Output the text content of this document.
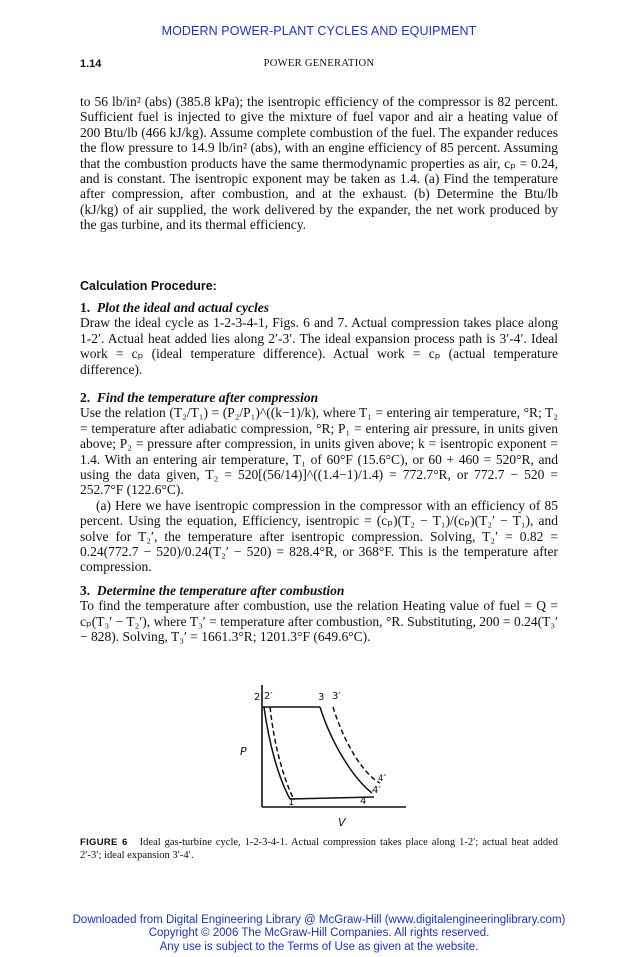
MODERN POWER-PLANT CYCLES AND EQUIPMENT
1.14	POWER GENERATION

to 56 lb/in² (abs) (385.8 kPa); the isentropic efficiency of the compressor is 82 percent. Sufficient fuel is injected to give the mixture of fuel vapor and air a heating value of 200 Btu/lb (466 kJ/kg). Assume complete combustion of the fuel. The expander reduces the flow pressure to 14.9 lb/in² (abs), with an engine efficiency of 85 percent. Assuming that the combustion products have the same thermodynamic properties as air, cₚ = 0.24, and is constant. The isentropic exponent may be taken as 1.4. (a) Find the temperature after compression, after combustion, and at the exhaust. (b) Determine the Btu/lb (kJ/kg) of air supplied, the work delivered by the expander, the net work produced by the gas turbine, and its thermal efficiency.

Calculation Procedure:
1. Plot the ideal and actual cycles

Draw the ideal cycle as 1-2-3-4-1, Figs. 6 and 7. Actual compression takes place along 1-2′. Actual heat added lies along 2′-3′. The ideal expansion process path is 3′-4′. Ideal work = cₚ (ideal temperature difference). Actual work = cₚ (actual temperature difference).

2. Find the temperature after compression

Use the relation (T₂/T₁) = (P₂/P₁)^((k−1)/k), where T₁ = entering air temperature, °R; T₂ = temperature after adiabatic compression, °R; P₁ = entering air pressure, in units given above; P₂ = pressure after compression, in units given above; k = isentropic exponent = 1.4. With an entering air temperature, T₁ of 60°F (15.6°C), or 60 + 460 = 520°R, and using the data given, T₂ = 520[(56/14)]^((1.4−1)/1.4) = 772.7°R, or 772.7 − 520 = 252.7°F (122.6°C).

(a) Here we have isentropic compression in the compressor with an efficiency of 85 percent. Using the equation, Efficiency, isentropic = (cₚ)(T₂ − T₁)/(cₚ)(T₂′ − T₁), and solve for T₂′, the temperature after isentropic compression. Solving, T₂′ = 0.82 = 0.24(772.7 − 520)/0.24(T₂′ − 520) = 828.4°R, or 368°F. This is the temperature after compression.

3. Determine the temperature after combustion

To find the temperature after combustion, use the relation Heating value of fuel = Q = cₚ(T₃′ − T₂′), where T₃′ = temperature after combustion, °R. Substituting, 200 = 0.24(T₃′ − 828). Solving, T₃′ = 1661.3°R; 1201.3°F (649.6°C).

2 2′	3 3′
4″
4′
4
1
P
V
FIGURE 6 Ideal gas-turbine cycle, 1-2-3-4-1. Actual compression takes place along 1-2′; actual heat added 2′-3′; ideal expansion 3′-4′.
Downloaded from Digital Engineering Library @ McGraw-Hill (www.digitalengineeringlibrary.com)
Copyright © 2006 The McGraw-Hill Companies. All rights reserved.
Any use is subject to the Terms of Use as given at the website.
